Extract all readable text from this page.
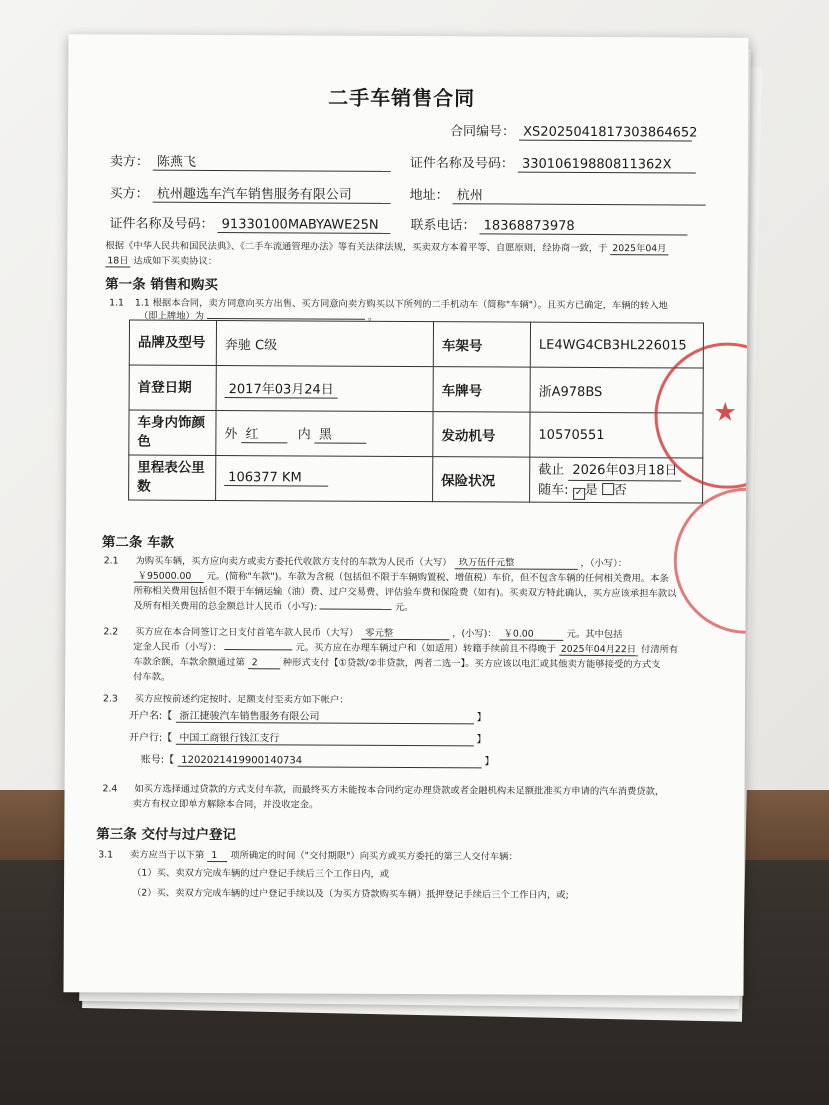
二手车销售合同
合同编号： XS2025041817303864652
卖方： 陈燕飞	证件名称及号码： 33010619880811362X
买方： 杭州趣选车汽车销售服务有限公司	地址： 杭州
证件名称及号码： 91330100MABYAWE25N	联系电话： 18368873978
根据《中华人民共和国民法典》、《二手车流通管理办法》等有关法律法规，买卖双方本着平等、自愿原则，经协商一致，于 2025年04月
18日 达成如下买卖协议：
第一条 销售和购买
1.1 1.1 根据本合同，卖方同意向买方出售、买方同意向卖方购买以下所列的二手机动车（简称"车辆"）。且买方已确定，车辆的转入地
（即上牌地）为	。
品牌及型号	奔驰 C级	车架号	LE4WG4CB3HL226015
首登日期	2017年03月24日	车牌号	浙A978BS
车身内饰颜色	外 红 内 黑	发动机号	10570551
里程表公里数	106377 KM	保险状况	截止 2026年03月18日
随车: ✓ 是 否
第二条 车款
2.1 为购买车辆，买方应向卖方或卖方委托代收款方支付的车款为人民币（大写） 玖万伍仟元整	，（小写）：
￥95000.00 元。(简称"车款")。车款为含税（包括但不限于车辆购置税、增值税）车价，但不包含车辆的任何相关费用。本条
所称相关费用包括但不限于车辆运输（油）费、过户交易费、评估验车费和保险费（如有)。买卖双方特此确认，买方应该承担车款以
及所有相关费用的总金额总计人民币（小写):	元。
2.2 买方应在本合同签订之日支付首笔车款人民币（大写） 零元整	，(小写)： ￥0.00	元。其中包括
定金人民币（小写）：	元。买方应在办理车辆过户和（如适用）转籍手续前且不得晚于 2025年04月22日 付清所有
车款余额，车款余额通过第 2	种形式支付【①贷款/②非贷款，两者二选一】。买方应该以电汇或其他卖方能够接受的方式支
付车款。
2.3 买方应按前述约定按时、足额支付至卖方如下帐户：
开户名:【 浙江捷骏汽车销售服务有限公司	】
开户行:【 中国工商银行钱江支行	】
账号:【 1202021419900140734	】
2.4 如买方选择通过贷款的方式支付车款，而最终买方未能按本合同约定办理贷款或者金融机构未足额批准买方申请的汽车消费贷款，
卖方有权立即单方解除本合同，并没收定金。
第三条 交付与过户登记
3.1 卖方应当于以下第 1 项所确定的时间（"交付期限"）向买方或买方委托的第三人交付车辆：
（1）买、卖双方完成车辆的过户登记手续后三个工作日内，或
（2）买、卖双方完成车辆的过户登记手续以及（为买方贷款购买车辆）抵押登记手续后三个工作日内，或;
★
